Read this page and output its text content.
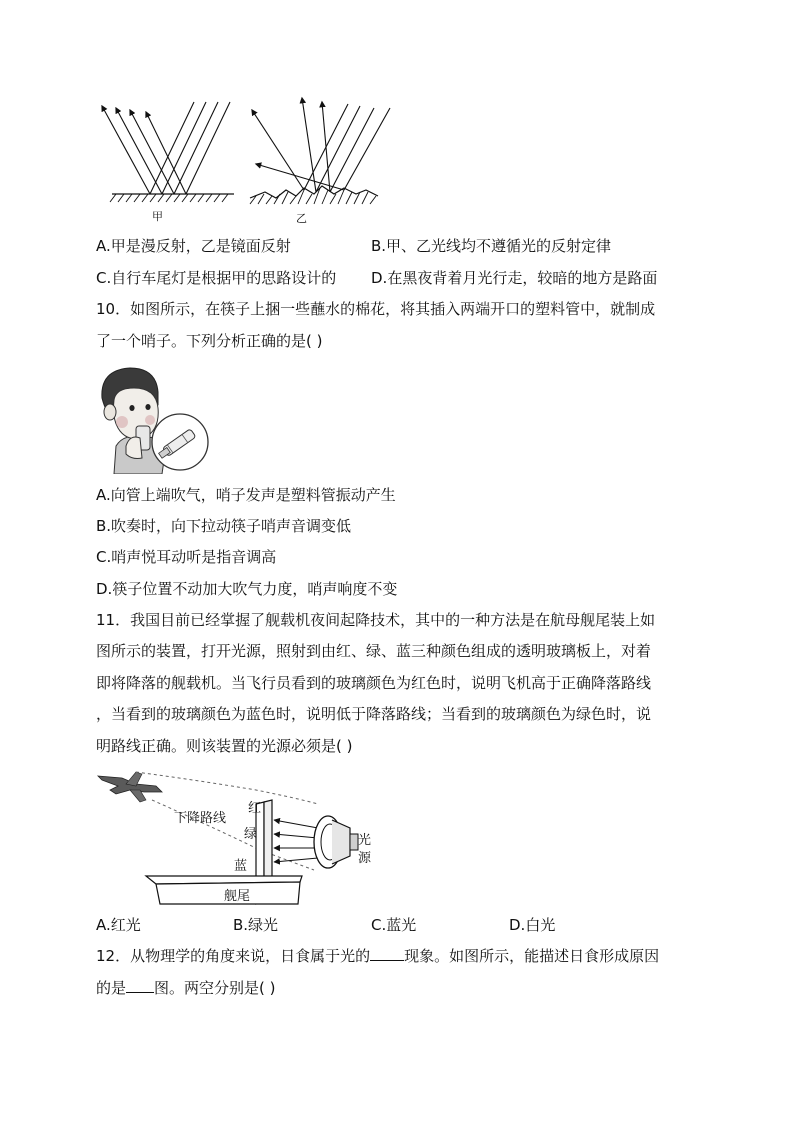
甲	乙
A.甲是漫反射，乙是镜面反射	B.甲、乙光线均不遵循光的反射定律
C.自行车尾灯是根据甲的思路设计的 D.在黑夜背着月光行走，较暗的地方是路面
10．如图所示，在筷子上捆一些蘸水的棉花，将其插入两端开口的塑料管中，就制成
了一个哨子。下列分析正确的是( )
A.向管上端吹气，哨子发声是塑料管振动产生
B.吹奏时，向下拉动筷子哨声音调变低
C.哨声悦耳动听是指音调高
D.筷子位置不动加大吹气力度，哨声响度不变
11．我国目前已经掌握了舰载机夜间起降技术，其中的一种方法是在航母舰尾装上如
图所示的装置，打开光源，照射到由红、绿、蓝三种颜色组成的透明玻璃板上，对着
即将降落的舰载机。当飞行员看到的玻璃颜色为红色时，说明飞机高于正确降落路线
，当看到的玻璃颜色为蓝色时，说明低于降落路线；当看到的玻璃颜色为绿色时，说
明路线正确。则该装置的光源必须是( )
下降路线
红
绿
蓝
光
源
舰尾
A.红光	B.绿光	C.蓝光	D.白光
12．从物理学的角度来说，日食属于光的 现象。如图所示，能描述日食形成原因
的是 图。两空分别是( )
